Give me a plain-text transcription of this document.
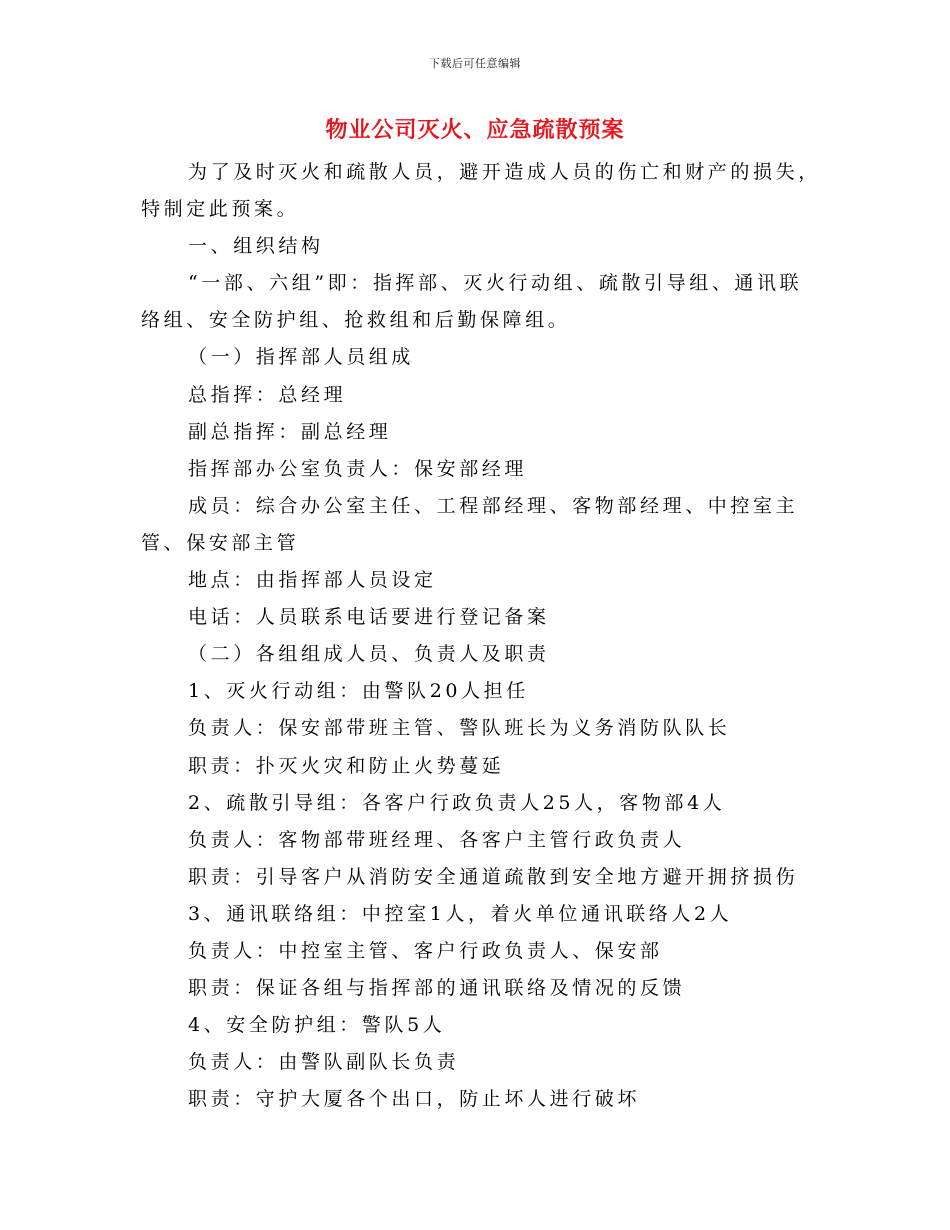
下载后可任意编辑
物业公司灭火、应急疏散预案

为了及时灭火和疏散人员，避开造成人员的伤亡和财产的损失，特制定此预案。

一、组织结构

“一部、六组”即：指挥部、灭火行动组、疏散引导组、通讯联络组、安全防护组、抢救组和后勤保障组。

（一）指挥部人员组成

总指挥：总经理

副总指挥：副总经理

指挥部办公室负责人：保安部经理

成员：综合办公室主任、工程部经理、客物部经理、中控室主管、保安部主管

地点：由指挥部人员设定

电话：人员联系电话要进行登记备案

（二）各组组成人员、负责人及职责

1、灭火行动组：由警队20人担任

负责人：保安部带班主管、警队班长为义务消防队队长

职责：扑灭火灾和防止火势蔓延

2、疏散引导组：各客户行政负责人25人，客物部4人

负责人：客物部带班经理、各客户主管行政负责人

职责：引导客户从消防安全通道疏散到安全地方避开拥挤损伤

3、通讯联络组：中控室1人，着火单位通讯联络人2人

负责人：中控室主管、客户行政负责人、保安部

职责：保证各组与指挥部的通讯联络及情况的反馈

4、安全防护组：警队5人

负责人：由警队副队长负责

职责：守护大厦各个出口，防止坏人进行破坏
